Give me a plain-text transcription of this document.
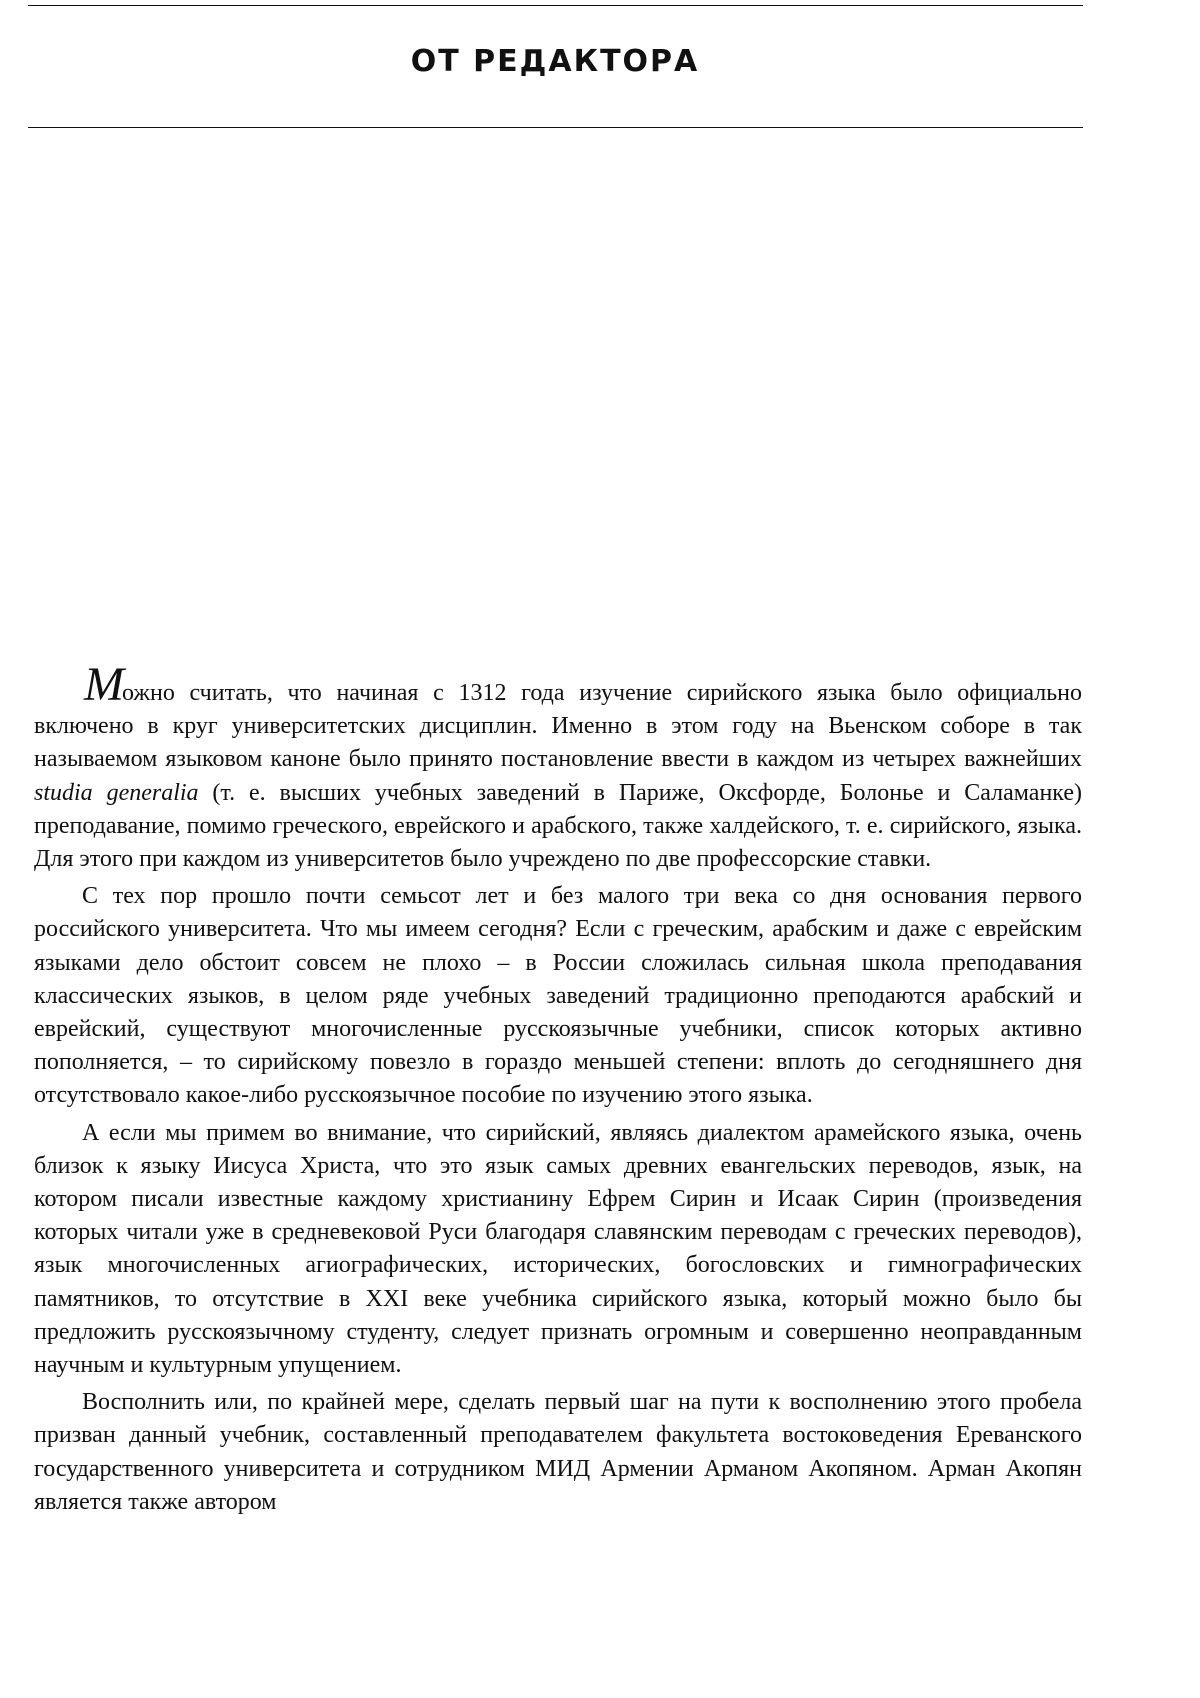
ОТ РЕДАКТОРА

Можно считать, что начиная с 1312 года изучение сирийского языка было официально включено в круг университетских дисциплин. Именно в этом году на Вьенском соборе в так называемом языковом каноне было принято постановление ввести в каждом из четырех важнейших studia generalia (т. е. высших учебных заведений в Париже, Оксфорде, Болонье и Саламанке) преподавание, помимо греческого, еврейского и арабского, также халдейского, т. е. сирийского, языка. Для этого при каждом из университетов было учреждено по две профессорские ставки.

С тех пор прошло почти семьсот лет и без малого три века со дня основания первого российского университета. Что мы имеем сегодня? Если с греческим, арабским и даже с еврейским языками дело обстоит совсем не плохо – в России сложилась сильная школа преподавания классических языков, в целом ряде учебных заведений традиционно преподаются арабский и еврейский, существуют многочисленные русскоязычные учебники, список которых активно пополняется, – то сирийскому повезло в гораздо меньшей степени: вплоть до сегодняшнего дня отсутствовало какое-либо русскоязычное пособие по изучению этого языка.

А если мы примем во внимание, что сирийский, являясь диалектом арамейского языка, очень близок к языку Иисуса Христа, что это язык самых древних евангельских переводов, язык, на котором писали известные каждому христианину Ефрем Сирин и Исаак Сирин (произведения которых читали уже в средневековой Руси благодаря славянским переводам с греческих переводов), язык многочисленных агиографических, исторических, богословских и гимнографических памятников, то отсутствие в XXI веке учебника сирийского языка, который можно было бы предложить русскоязычному студенту, следует признать огромным и совершенно неоправданным научным и культурным упущением.

Восполнить или, по крайней мере, сделать первый шаг на пути к восполнению этого пробела призван данный учебник, составленный преподавателем факультета востоковедения Ереванского государственного университета и сотрудником МИД Армении Арманом Акопяном. Арман Акопян является также автором
